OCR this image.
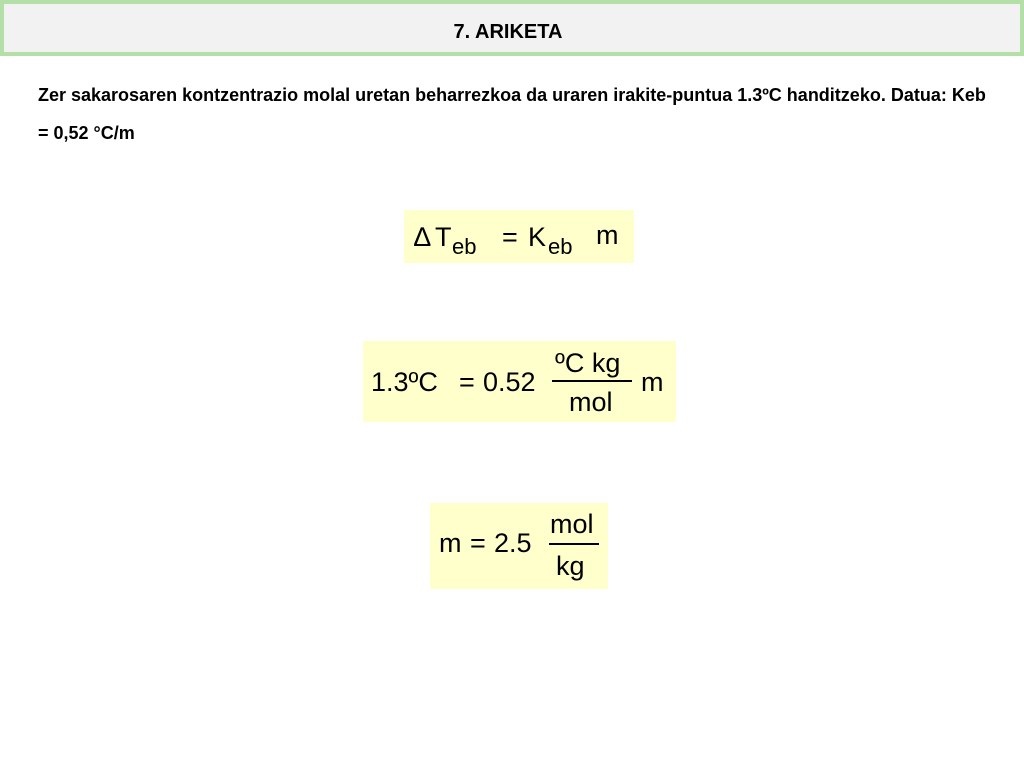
7. ARIKETA
Zer sakarosaren kontzentrazio molal uretan beharrezkoa da uraren irakite-puntua 1.3ºC handitzeko. Datua: Keb = 0,52 °C/m
∆ T eb = K eb m
1.3ºC = 0.52
ºC kg
mol
m
m = 2.5
mol
kg
